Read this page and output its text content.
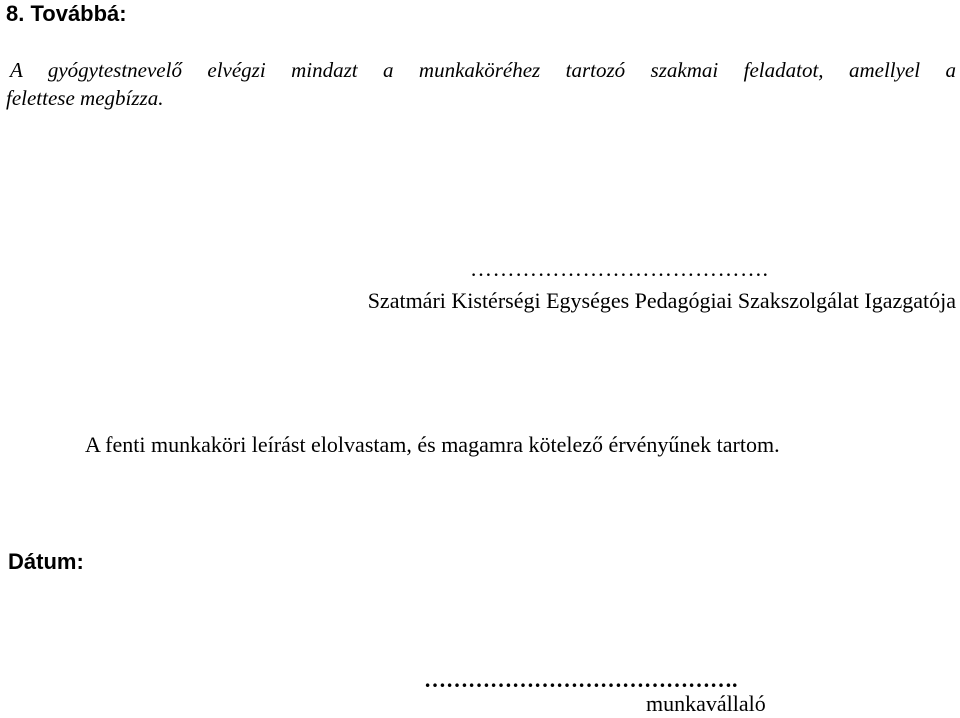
8. Továbbá:
A gyógytestnevelő elvégzi mindazt a munkaköréhez tartozó szakmai feladatot, amellyel a
felettese megbízza.
………………………………….
Szatmári Kistérségi Egységes Pedagógiai Szakszolgálat Igazgatója
A fenti munkaköri leírást elolvastam, és magamra kötelező érvényűnek tartom.
Dátum:
…………………………………….
munkavállaló
